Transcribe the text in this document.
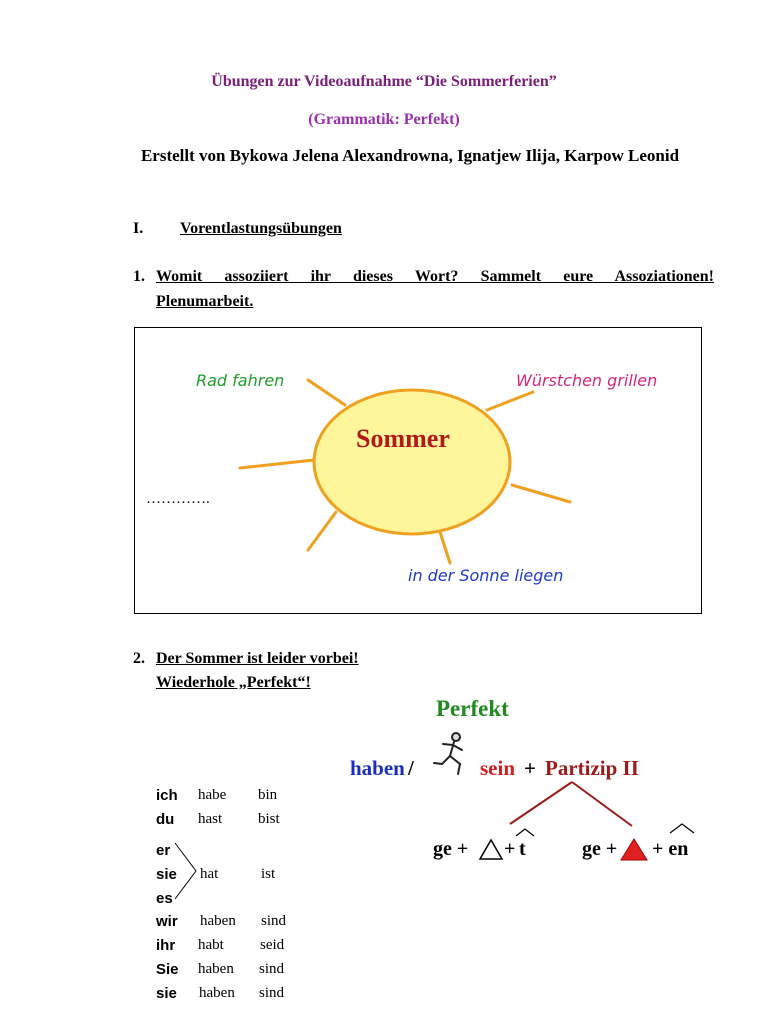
Übungen zur Videoaufnahme “Die Sommerferien”
(Grammatik: Perfekt)
Erstellt von Bykowa Jelena Alexandrowna, Ignatjew Ilija, Karpow Leonid
I. Vorentlastungsübungen
1. Womit assoziiert ihr dieses Wort? Sammelt eure Assoziationen!
Plenumarbeit.
Sommer
Rad fahren	Würstchen grillen
in der Sonne liegen
………….
2. Der Sommer ist leider vorbei!
Wiederhole „Perfekt“!
Perfekt
haben /	sein + Partizip II
ge + + t	ge + + en
ich habe bin
du hast bist
er
sie hat	ist
es
wir haben sind
ihr habt seid
Sie haben sind
sie haben sind
